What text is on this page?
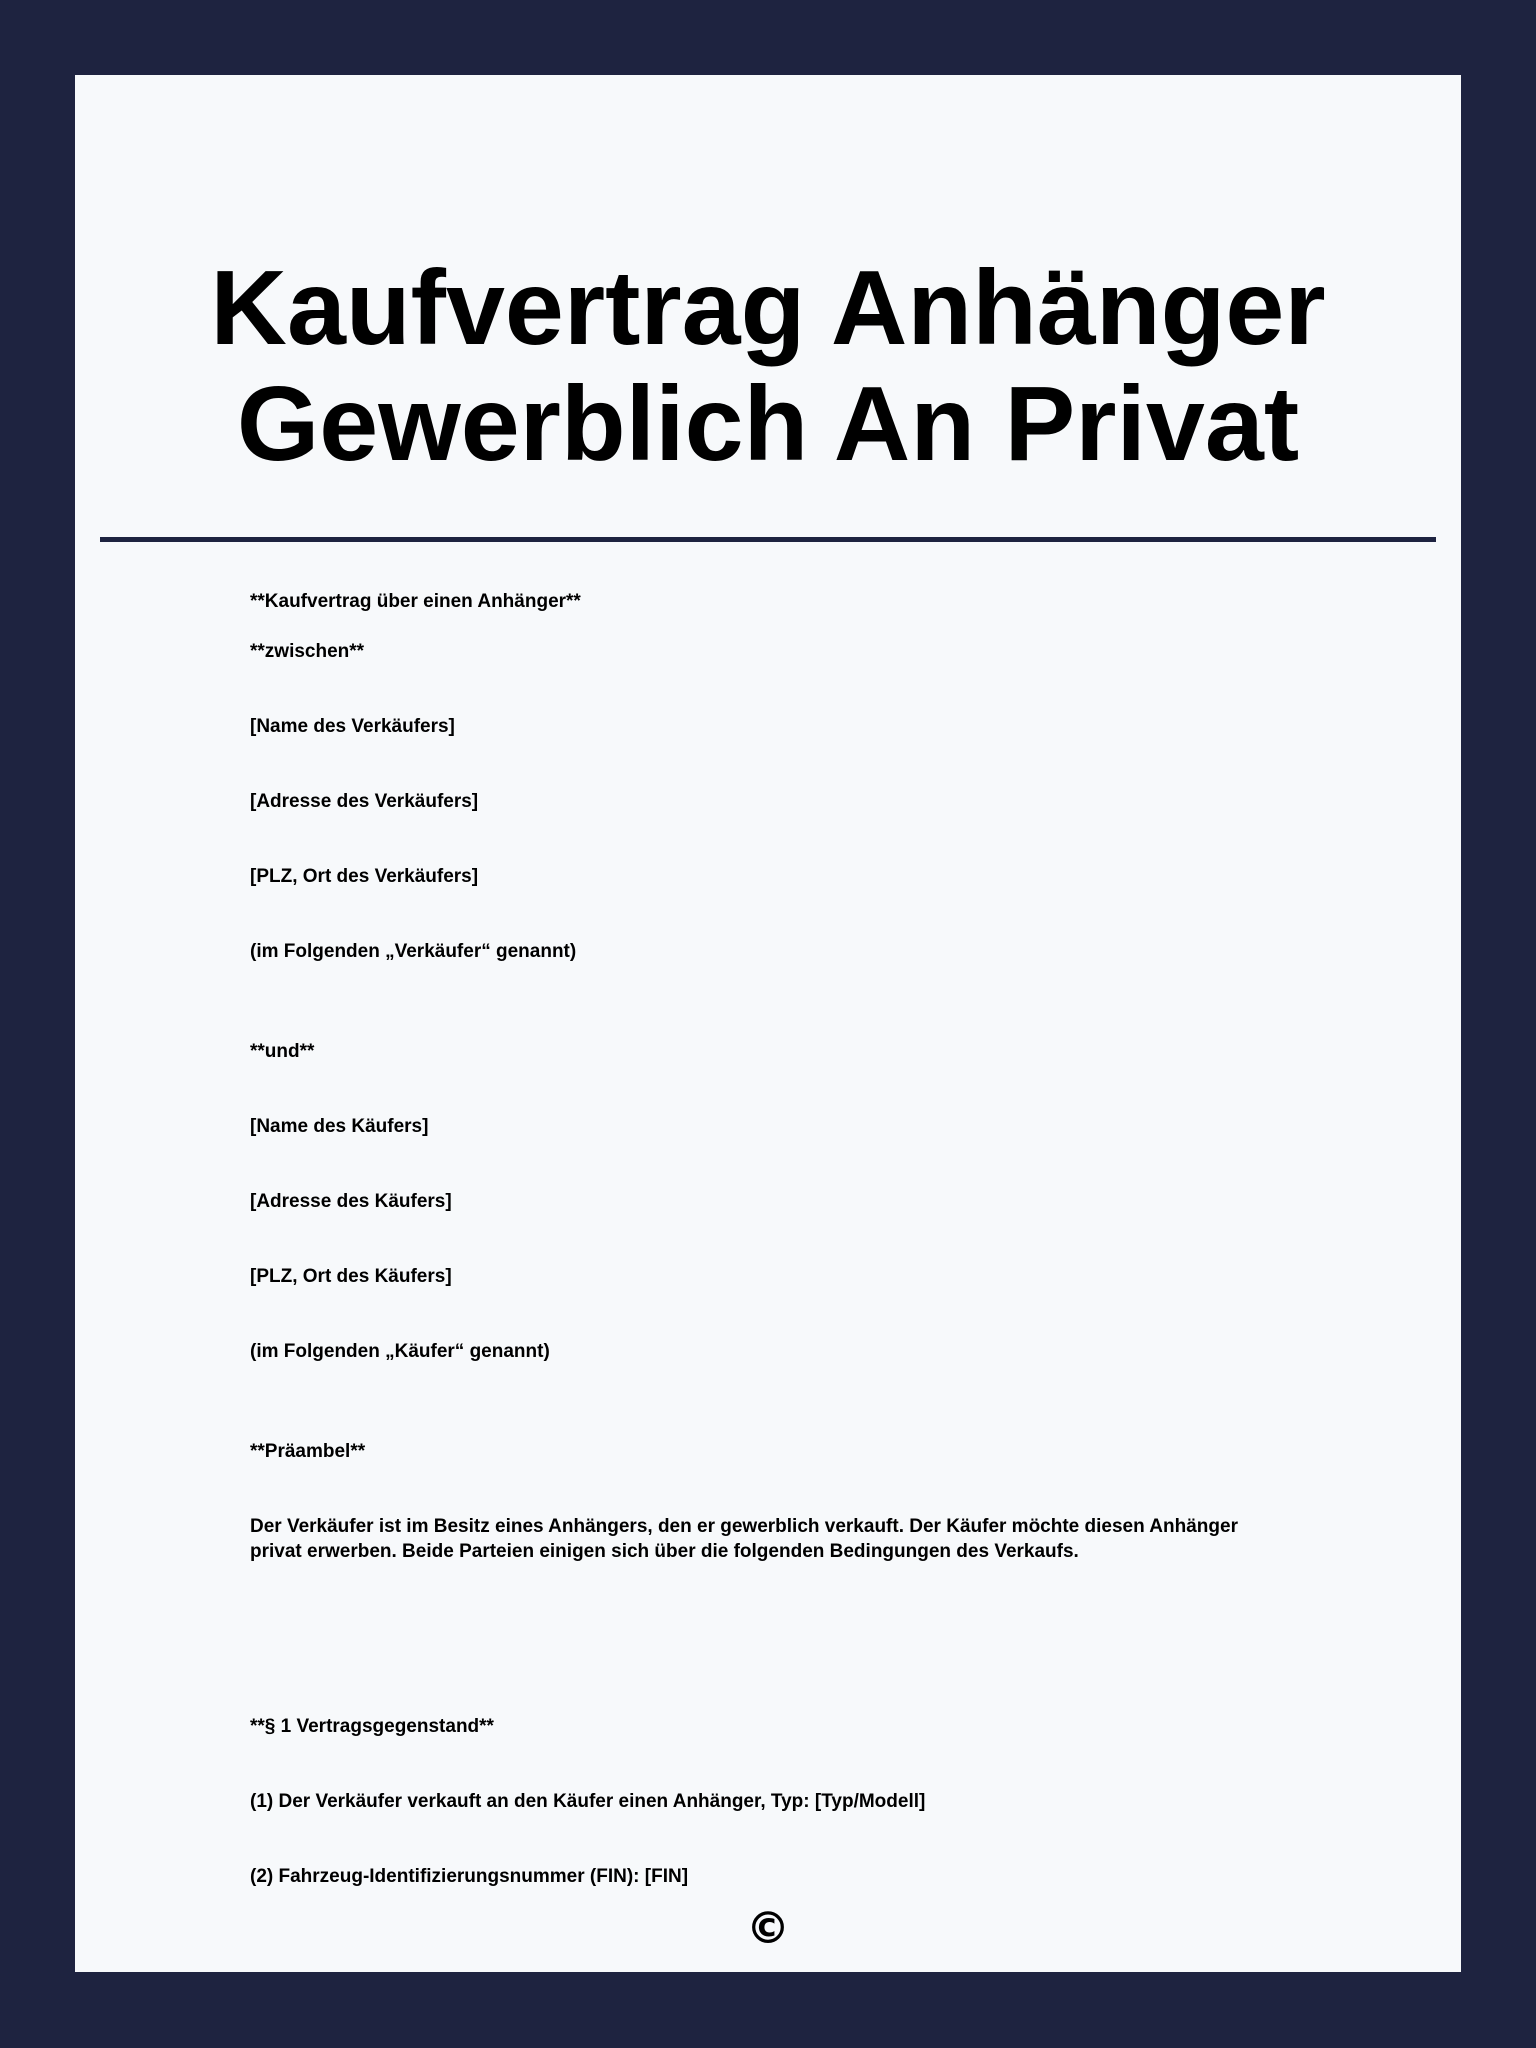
Kaufvertrag Anhänger
Gewerblich An Privat

**Kaufvertrag über einen Anhänger**

**zwischen**

[Name des Verkäufers]

[Adresse des Verkäufers]

[PLZ, Ort des Verkäufers]

(im Folgenden „Verkäufer“ genannt)

**und**

[Name des Käufers]

[Adresse des Käufers]

[PLZ, Ort des Käufers]

(im Folgenden „Käufer“ genannt)

**Präambel**

Der Verkäufer ist im Besitz eines Anhängers, den er gewerblich verkauft. Der Käufer möchte diesen Anhänger privat erwerben. Beide Parteien einigen sich über die folgenden Bedingungen des Verkaufs.

**§ 1 Vertragsgegenstand**

(1) Der Verkäufer verkauft an den Käufer einen Anhänger, Typ: [Typ/Modell]

(2) Fahrzeug-Identifizierungsnummer (FIN): [FIN]

©
